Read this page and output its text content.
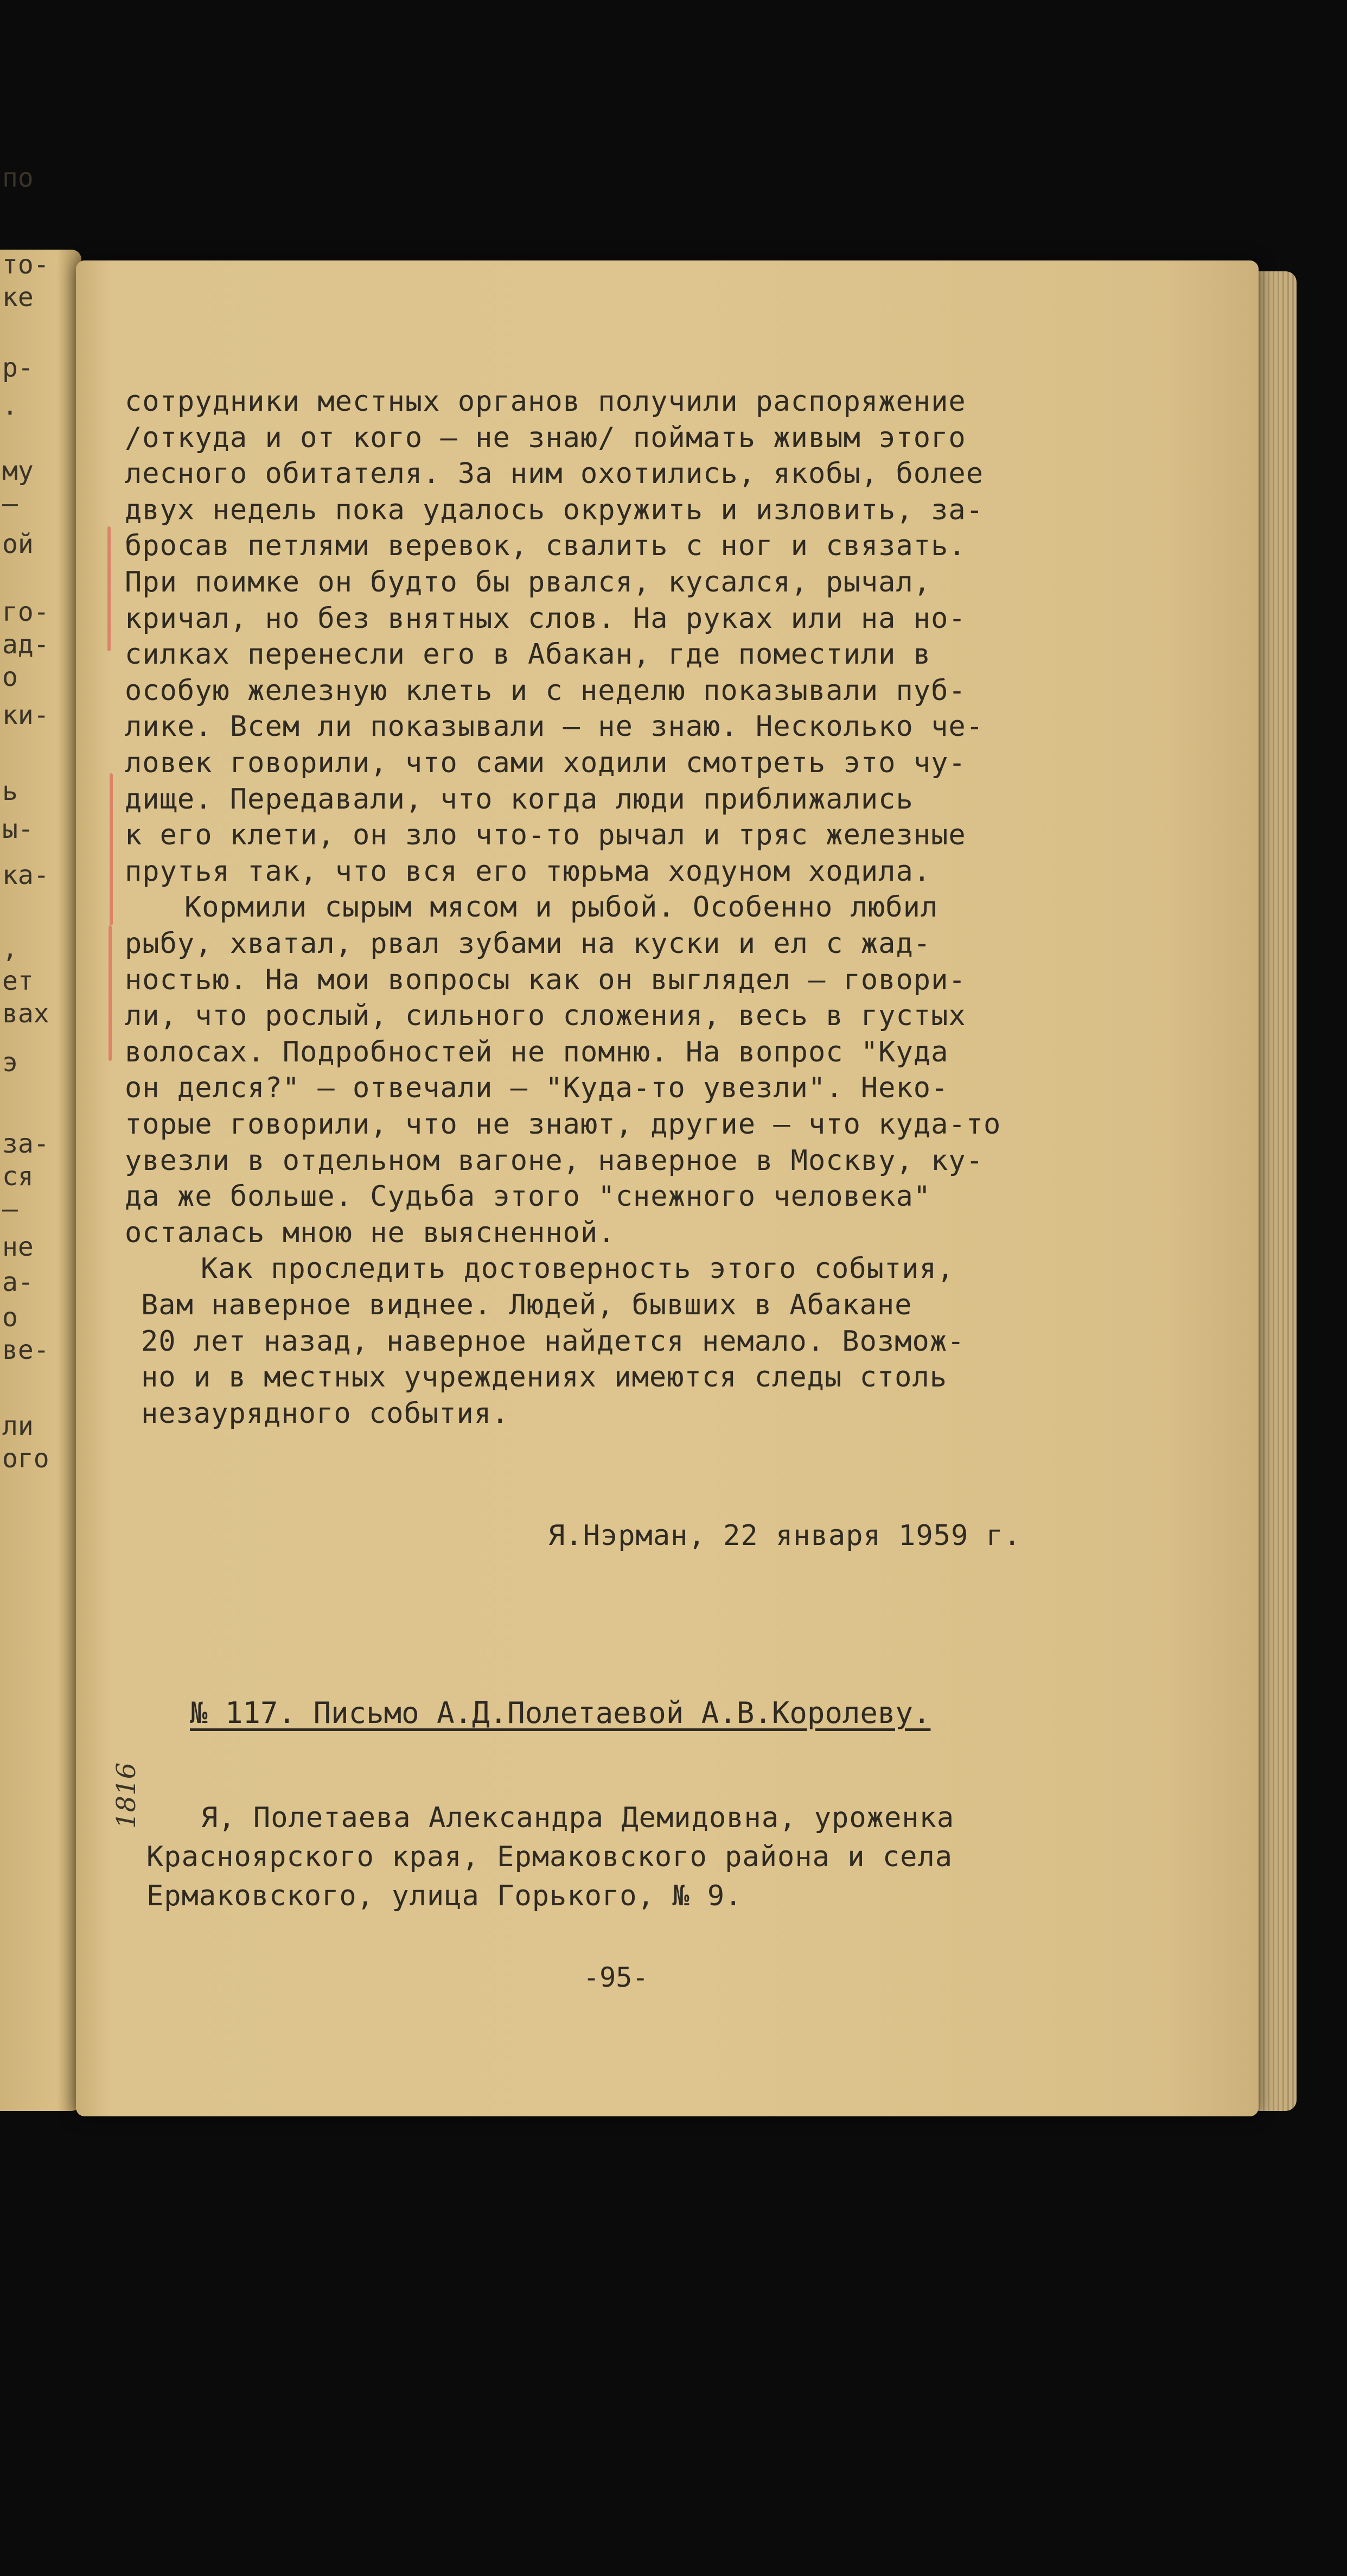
по
то-
ке
р-
.
му
–
ой
го-
ад-
о
ки-
ь
ы-
ка-
,
ет
вах
э
за-
ся
–
не
а-
о
ве-
ли
ого
сотрудники местных органов получили распоряжение
/откуда и от кого – не знаю/ поймать живым этого
лесного обитателя. За ним охотились, якобы, более
двух недель пока удалось окружить и изловить, за-
бросав петлями веревок, свалить с ног и связать.
При поимке он будто бы рвался, кусался, рычал,
кричал, но без внятных слов. На руках или на но-
силках перенесли его в Абакан, где поместили в
особую железную клеть и с неделю показывали пуб-
лике. Всем ли показывали – не знаю. Несколько че-
ловек говорили, что сами ходили смотреть это чу-
дище. Передавали, что когда люди приближались
к его клети, он зло что-то рычал и тряс железные
прутья так, что вся его тюрьма ходуном ходила.
Кормили сырым мясом и рыбой. Особенно любил
рыбу, хватал, рвал зубами на куски и ел с жад-
ностью. На мои вопросы как он выглядел – говори-
ли, что рослый, сильного сложения, весь в густых
волосах. Подробностей не помню. На вопрос "Куда
он делся?" – отвечали – "Куда-то увезли". Неко-
торые говорили, что не знают, другие – что куда-то
увезли в отдельном вагоне, наверное в Москву, ку-
да же больше. Судьба этого "снежного человека"
осталась мною не выясненной.
Как проследить достоверность этого события,
Вам наверное виднее. Людей, бывших в Абакане
20 лет назад, наверное найдется немало. Возмож-
но и в местных учреждениях имеются следы столь
незаурядного события.
Я.Нэрман, 22 января 1959 г.
№ 117. Письмо А.Д.Полетаевой А.В.Королеву.
Я, Полетаева Александра Демидовна, уроженка
Красноярского края, Ермаковского района и села
Ермаковского, улица Горького, № 9.
1816
-95-
